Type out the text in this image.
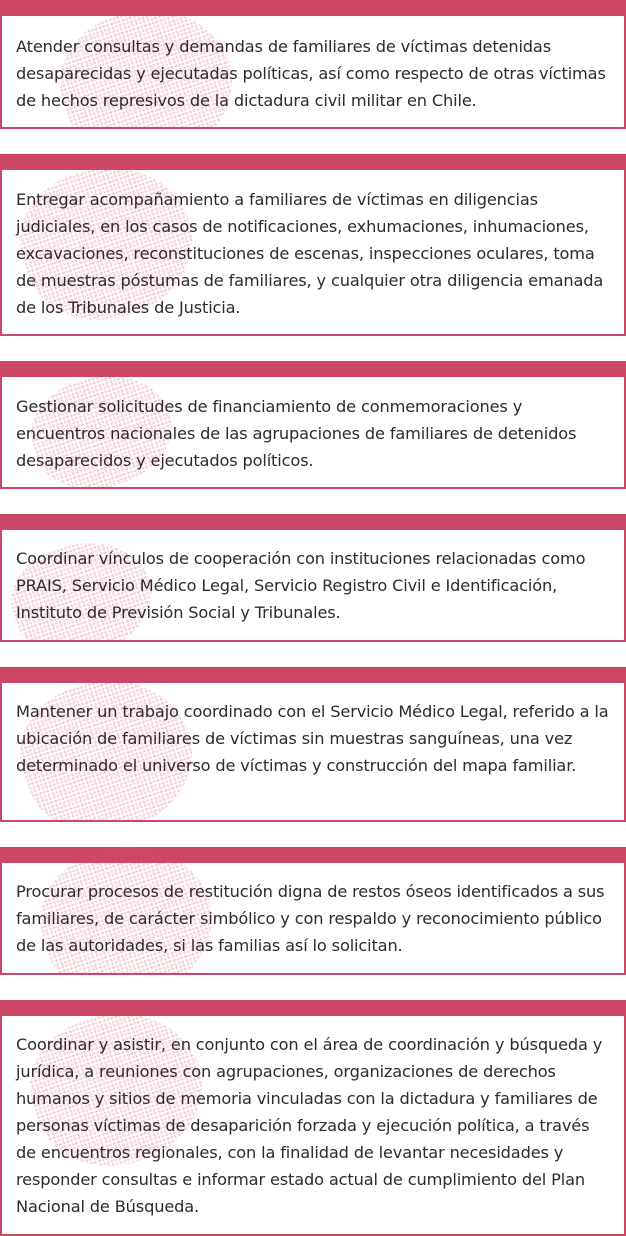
Atender consultas y demandas de familiares de víctimas detenidas desaparecidas y ejecutadas políticas, así como respecto de otras víctimas de hechos represivos de la dictadura civil militar en Chile.
Entregar acompañamiento a familiares de víctimas en diligencias judiciales, en los casos de notificaciones, exhumaciones, inhumaciones, excavaciones, reconstituciones de escenas, inspecciones oculares, toma de muestras póstumas de familiares, y cualquier otra diligencia emanada de los Tribunales de Justicia.
Gestionar solicitudes de financiamiento de conmemoraciones y encuentros nacionales de las agrupaciones de familiares de detenidos desaparecidos y ejecutados políticos.
Coordinar vínculos de cooperación con instituciones relacionadas como PRAIS, Servicio Médico Legal, Servicio Registro Civil e Identificación, Instituto de Previsión Social y Tribunales.
Mantener un trabajo coordinado con el Servicio Médico Legal, referido a la ubicación de familiares de víctimas sin muestras sanguíneas, una vez determinado el universo de víctimas y construcción del mapa familiar.
Procurar procesos de restitución digna de restos óseos identificados a sus familiares, de carácter simbólico y con respaldo y reconocimiento público de las autoridades, si las familias así lo solicitan.
Coordinar y asistir, en conjunto con el área de coordinación y búsqueda y jurídica, a reuniones con agrupaciones, organizaciones de derechos humanos y sitios de memoria vinculadas con la dictadura y familiares de personas víctimas de desaparición forzada y ejecución política, a través de encuentros regionales, con la finalidad de levantar necesidades y responder consultas e informar estado actual de cumplimiento del Plan Nacional de Búsqueda.
